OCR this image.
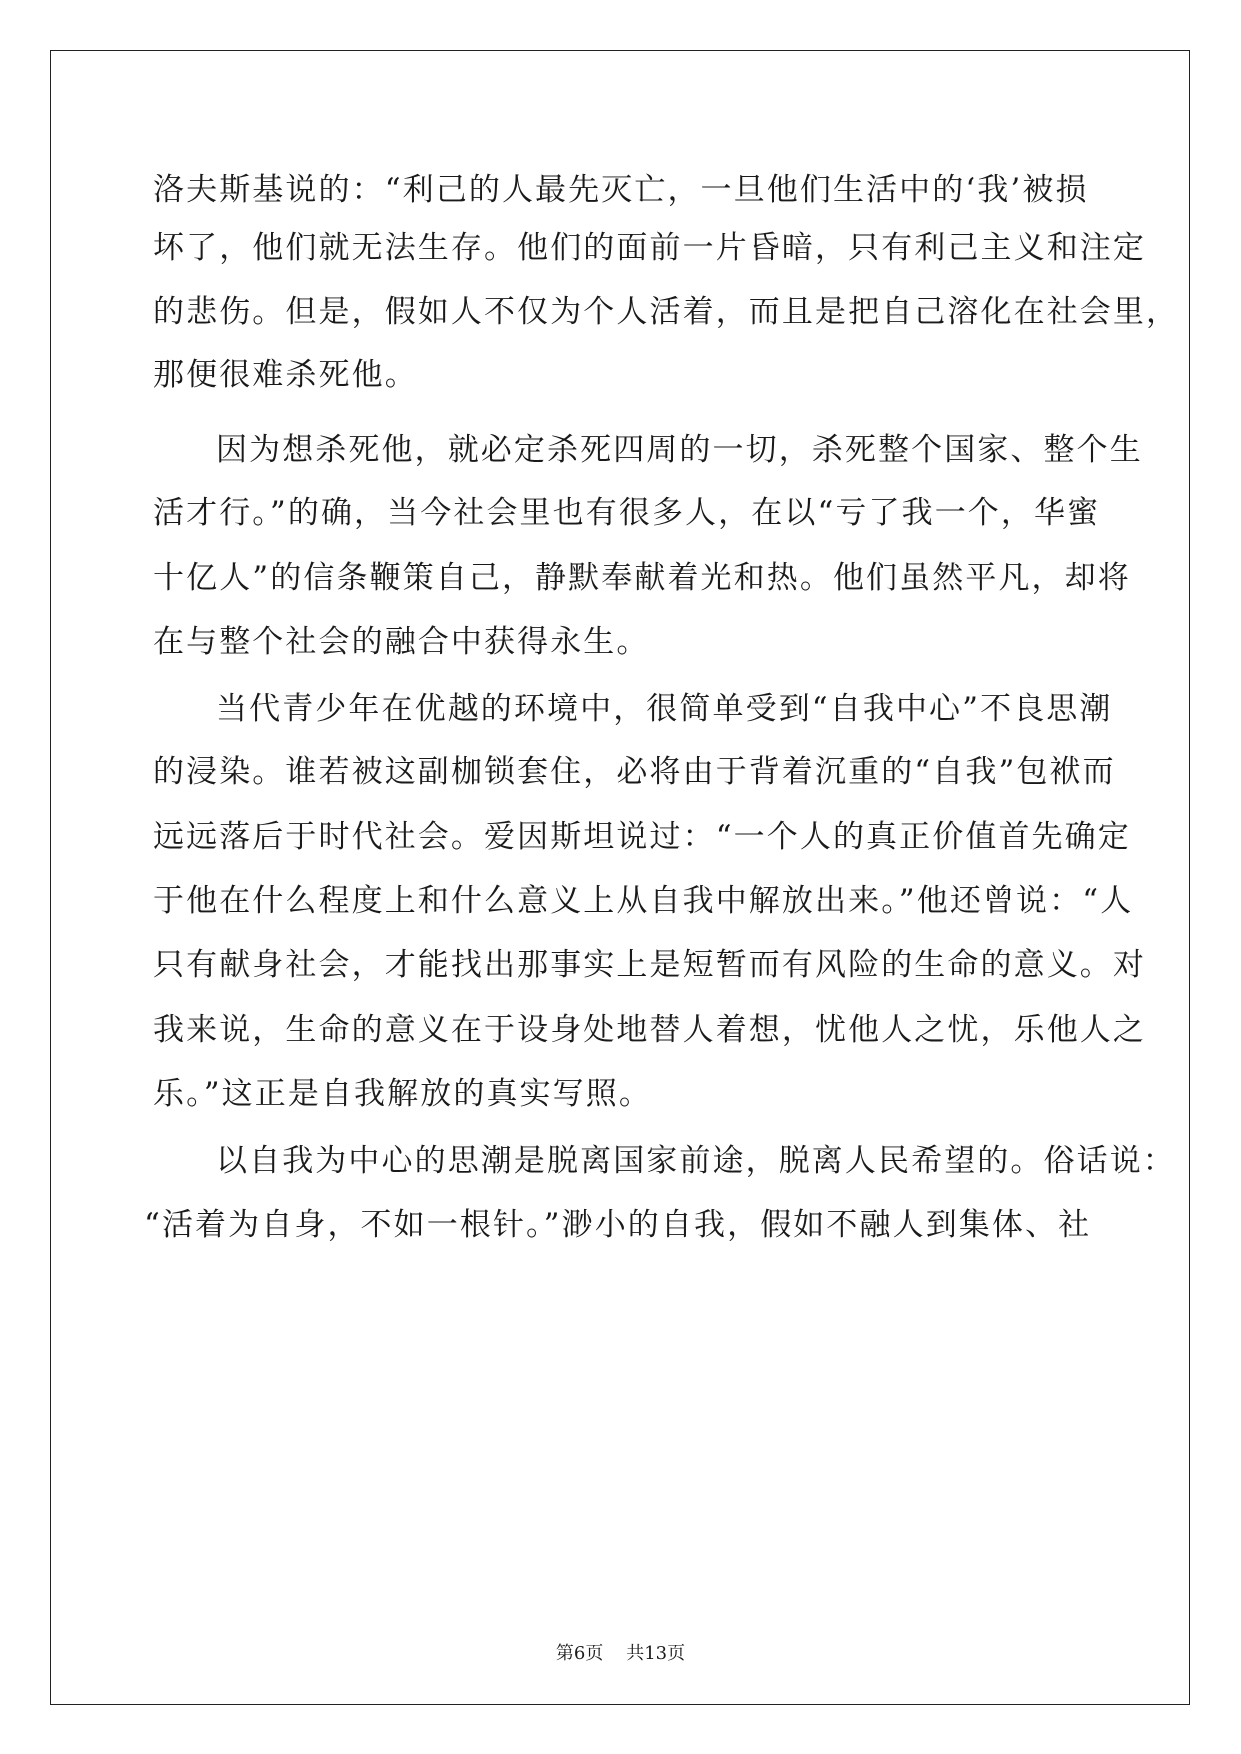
洛夫斯基说的：“利己的人最先灭亡，一旦他们生活中的‘我’被损
坏了，他们就无法生存。他们的面前一片昏暗，只有利己主义和注定
的悲伤。但是，假如人不仅为个人活着，而且是把自己溶化在社会里，
那便很难杀死他。
因为想杀死他，就必定杀死四周的一切，杀死整个国家、整个生
活才行。”的确，当今社会里也有很多人，在以“亏了我一个，华蜜
十亿人”的信条鞭策自己，静默奉献着光和热。他们虽然平凡，却将
在与整个社会的融合中获得永生。
当代青少年在优越的环境中，很简单受到“自我中心”不良思潮
的浸染。谁若被这副枷锁套住，必将由于背着沉重的“自我”包袱而
远远落后于时代社会。爱因斯坦说过：“一个人的真正价值首先确定
于他在什么程度上和什么意义上从自我中解放出来。”他还曾说：“人
只有献身社会，才能找出那事实上是短暂而有风险的生命的意义。对
我来说，生命的意义在于设身处地替人着想，忧他人之忧，乐他人之
乐。”这正是自我解放的真实写照。
以自我为中心的思潮是脱离国家前途，脱离人民希望的。俗话说：
“活着为自身，不如一根针。”渺小的自我，假如不融人到集体、社
第6页    共13页
